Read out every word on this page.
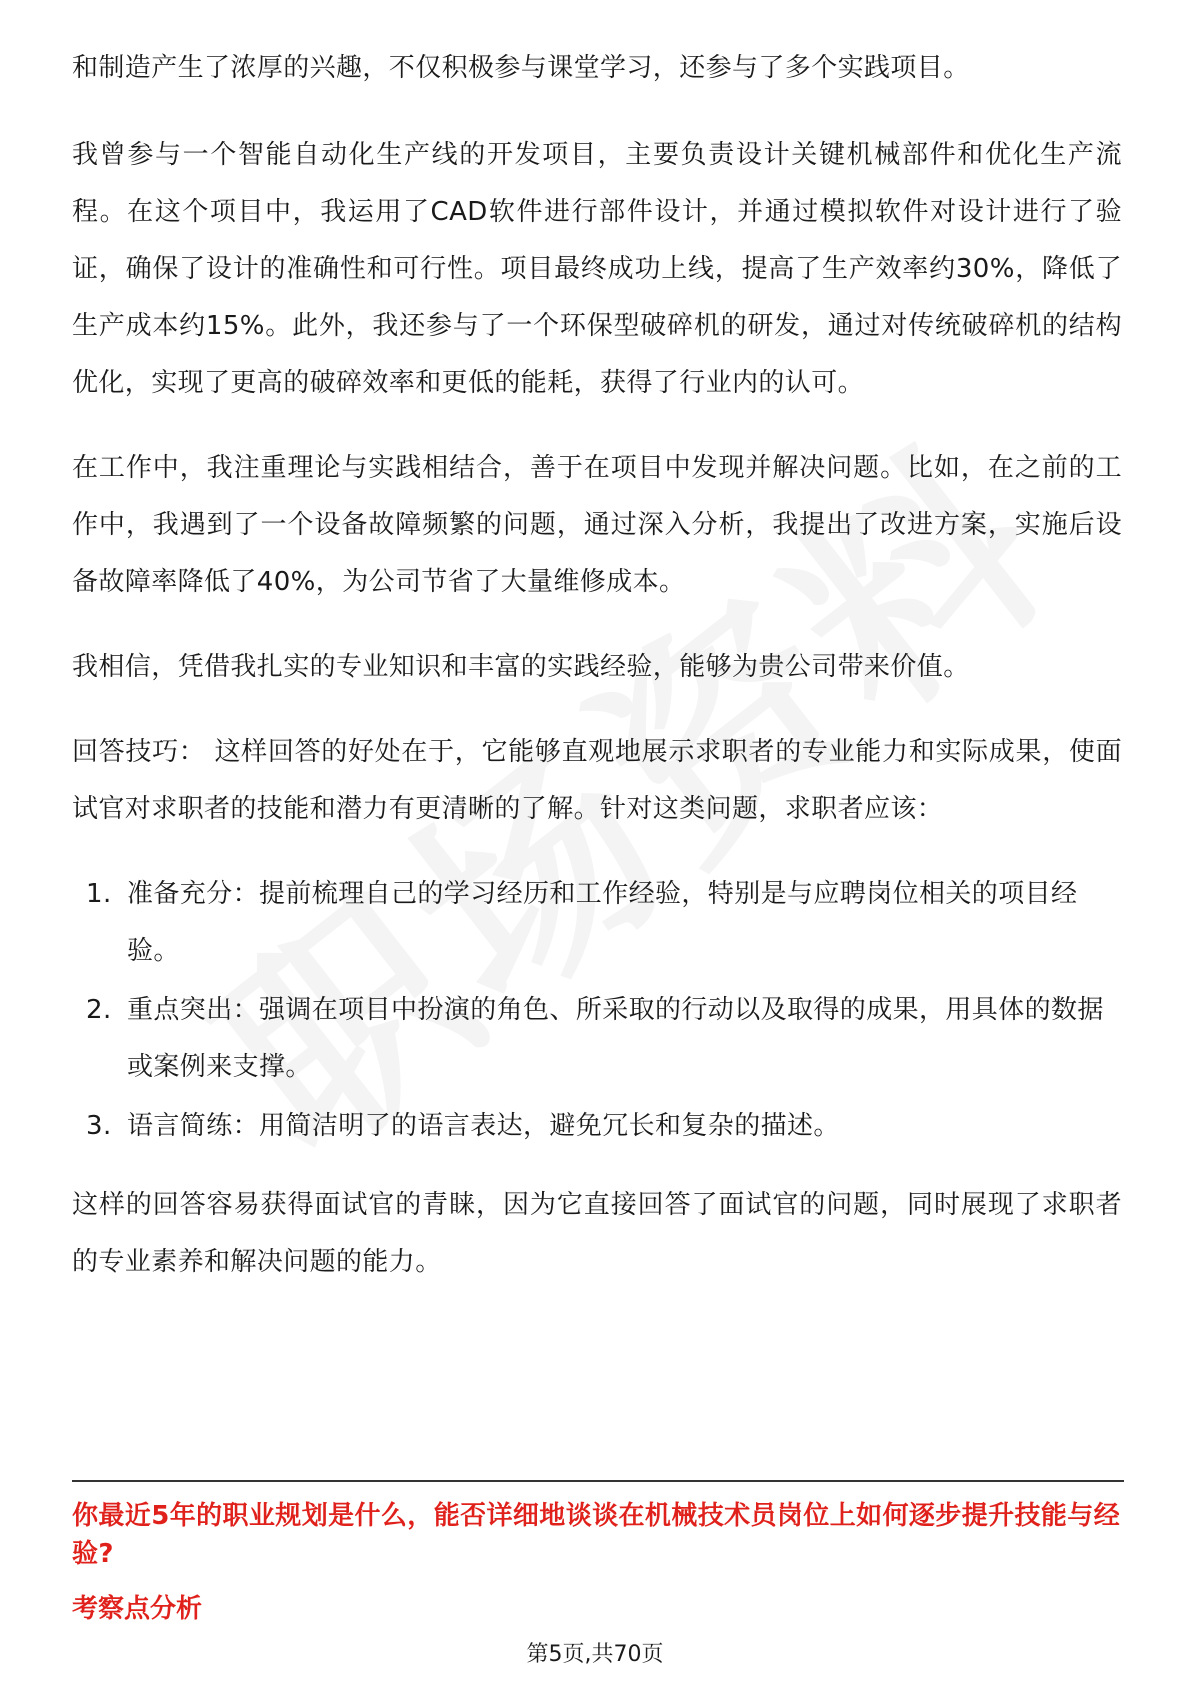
和制造产生了浓厚的兴趣，不仅积极参与课堂学习，还参与了多个实践项目。

我曾参与一个智能自动化生产线的开发项目，主要负责设计关键机械部件和优化生产流程。在这个项目中，我运用了CAD软件进行部件设计，并通过模拟软件对设计进行了验证，确保了设计的准确性和可行性。项目最终成功上线，提高了生产效率约30%，降低了生产成本约15%。此外，我还参与了一个环保型破碎机的研发，通过对传统破碎机的结构优化，实现了更高的破碎效率和更低的能耗，获得了行业内的认可。

在工作中，我注重理论与实践相结合，善于在项目中发现并解决问题。比如，在之前的工作中，我遇到了一个设备故障频繁的问题，通过深入分析，我提出了改进方案，实施后设备故障率降低了40%，为公司节省了大量维修成本。

我相信，凭借我扎实的专业知识和丰富的实践经验，能够为贵公司带来价值。

回答技巧： 这样回答的好处在于，它能够直观地展示求职者的专业能力和实际成果，使面试官对求职者的技能和潜力有更清晰的了解。针对这类问题，求职者应该：

1. 准备充分：提前梳理自己的学习经历和工作经验，特别是与应聘岗位相关的项目经验。
2. 重点突出：强调在项目中扮演的角色、所采取的行动以及取得的成果，用具体的数据或案例来支撑。
3. 语言简练：用简洁明了的语言表达，避免冗长和复杂的描述。

这样的回答容易获得面试官的青睐，因为它直接回答了面试官的问题，同时展现了求职者的专业素养和解决问题的能力。

你最近5年的职业规划是什么，能否详细地谈谈在机械技术员岗位上如何逐步提升技能与经验?
考察点分析
第5页,共70页
